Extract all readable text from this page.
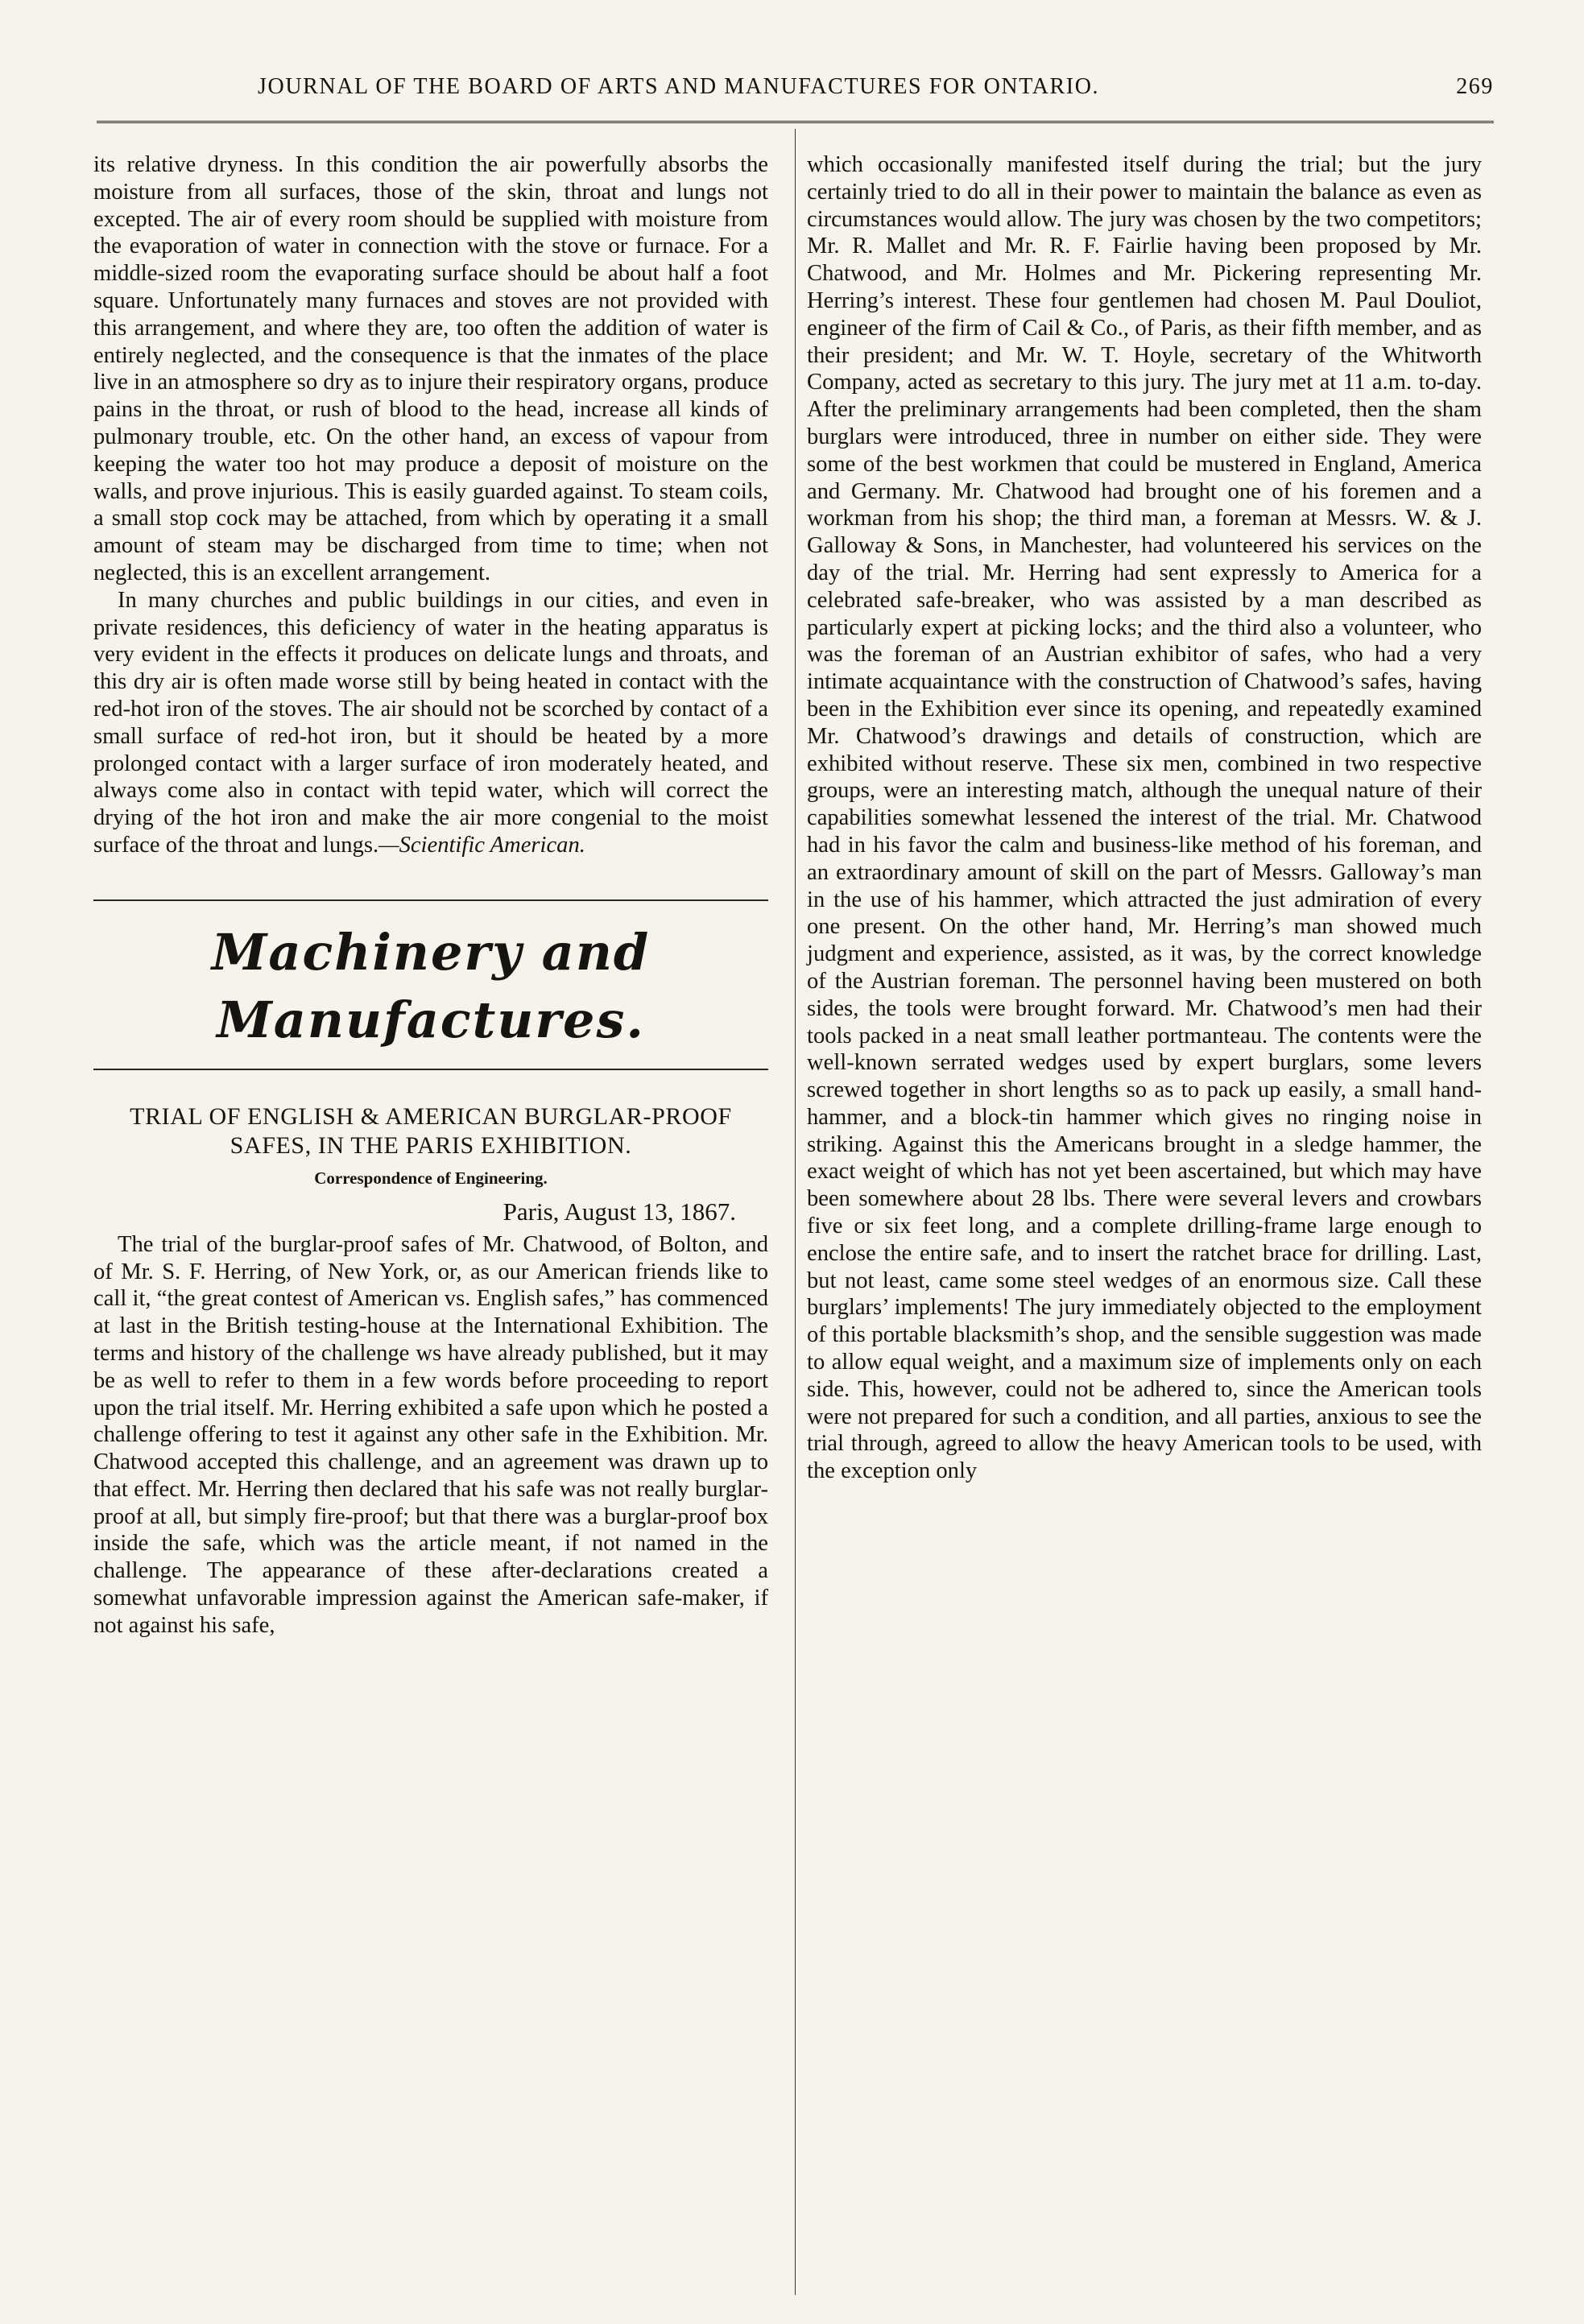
JOURNAL OF THE BOARD OF ARTS AND MANUFACTURES FOR ONTARIO.	269

its relative dryness. In this condition the air powerfully absorbs the moisture from all surfaces, those of the skin, throat and lungs not excepted. The air of every room should be supplied with moisture from the evaporation of water in connection with the stove or furnace. For a middle-sized room the evaporating surface should be about half a foot square. Unfortunately many furnaces and stoves are not provided with this arrangement, and where they are, too often the addition of water is entirely neglected, and the consequence is that the inmates of the place live in an atmosphere so dry as to injure their respiratory organs, produce pains in the throat, or rush of blood to the head, increase all kinds of pulmonary trouble, etc. On the other hand, an excess of vapour from keeping the water too hot may produce a deposit of moisture on the walls, and prove injurious. This is easily guarded against. To steam coils, a small stop cock may be attached, from which by operating it a small amount of steam may be discharged from time to time; when not neglected, this is an excellent arrangement.

In many churches and public buildings in our cities, and even in private residences, this deficiency of water in the heating apparatus is very evident in the effects it produces on delicate lungs and throats, and this dry air is often made worse still by being heated in contact with the red-hot iron of the stoves. The air should not be scorched by contact of a small surface of red-hot iron, but it should be heated by a more prolonged contact with a larger surface of iron moderately heated, and always come also in contact with tepid water, which will correct the drying of the hot iron and make the air more congenial to the moist surface of the throat and lungs.—Scientific American.

Machinery and Manufactures.
TRIAL OF ENGLISH & AMERICAN BURGLAR-PROOF SAFES, IN THE PARIS EXHIBITION.
Correspondence of Engineering.
Paris, August 13, 1867.

The trial of the burglar-proof safes of Mr. Chatwood, of Bolton, and of Mr. S. F. Herring, of New York, or, as our American friends like to call it, “the great contest of American vs. English safes,” has commenced at last in the British testing-house at the International Exhibition. The terms and history of the challenge ws have already published, but it may be as well to refer to them in a few words before proceeding to report upon the trial itself. Mr. Herring exhibited a safe upon which he posted a challenge offering to test it against any other safe in the Exhibition. Mr. Chatwood accepted this challenge, and an agreement was drawn up to that effect. Mr. Herring then declared that his safe was not really burglar-proof at all, but simply fire-proof; but that there was a burglar-proof box inside the safe, which was the article meant, if not named in the challenge. The appearance of these after-declarations created a somewhat unfavorable impression against the American safe-maker, if not against his safe,

which occasionally manifested itself during the trial; but the jury certainly tried to do all in their power to maintain the balance as even as circumstances would allow. The jury was chosen by the two competitors; Mr. R. Mallet and Mr. R. F. Fairlie having been proposed by Mr. Chatwood, and Mr. Holmes and Mr. Pickering representing Mr. Herring’s interest. These four gentlemen had chosen M. Paul Douliot, engineer of the firm of Cail & Co., of Paris, as their fifth member, and as their president; and Mr. W. T. Hoyle, secretary of the Whitworth Company, acted as secretary to this jury. The jury met at 11 a.m. to-day. After the preliminary arrangements had been completed, then the sham burglars were introduced, three in number on either side. They were some of the best workmen that could be mustered in England, America and Germany. Mr. Chatwood had brought one of his foremen and a workman from his shop; the third man, a foreman at Messrs. W. & J. Galloway & Sons, in Manchester, had volunteered his services on the day of the trial. Mr. Herring had sent expressly to America for a celebrated safe-breaker, who was assisted by a man described as particularly expert at picking locks; and the third also a volunteer, who was the foreman of an Austrian exhibitor of safes, who had a very intimate acquaintance with the construction of Chatwood’s safes, having been in the Exhibition ever since its opening, and repeatedly examined Mr. Chatwood’s drawings and details of construction, which are exhibited without reserve. These six men, combined in two respective groups, were an interesting match, although the unequal nature of their capabilities somewhat lessened the interest of the trial. Mr. Chatwood had in his favor the calm and business-like method of his foreman, and an extraordinary amount of skill on the part of Messrs. Galloway’s man in the use of his hammer, which attracted the just admiration of every one present. On the other hand, Mr. Herring’s man showed much judgment and experience, assisted, as it was, by the correct knowledge of the Austrian foreman. The personnel having been mustered on both sides, the tools were brought forward. Mr. Chatwood’s men had their tools packed in a neat small leather portmanteau. The contents were the well-known serrated wedges used by expert burglars, some levers screwed together in short lengths so as to pack up easily, a small hand-hammer, and a block-tin hammer which gives no ringing noise in striking. Against this the Americans brought in a sledge hammer, the exact weight of which has not yet been ascertained, but which may have been somewhere about 28 lbs. There were several levers and crowbars five or six feet long, and a complete drilling-frame large enough to enclose the entire safe, and to insert the ratchet brace for drilling. Last, but not least, came some steel wedges of an enormous size. Call these burglars’ implements! The jury immediately objected to the employment of this portable blacksmith’s shop, and the sensible suggestion was made to allow equal weight, and a maximum size of implements only on each side. This, however, could not be adhered to, since the American tools were not prepared for such a condition, and all parties, anxious to see the trial through, agreed to allow the heavy American tools to be used, with the exception only
